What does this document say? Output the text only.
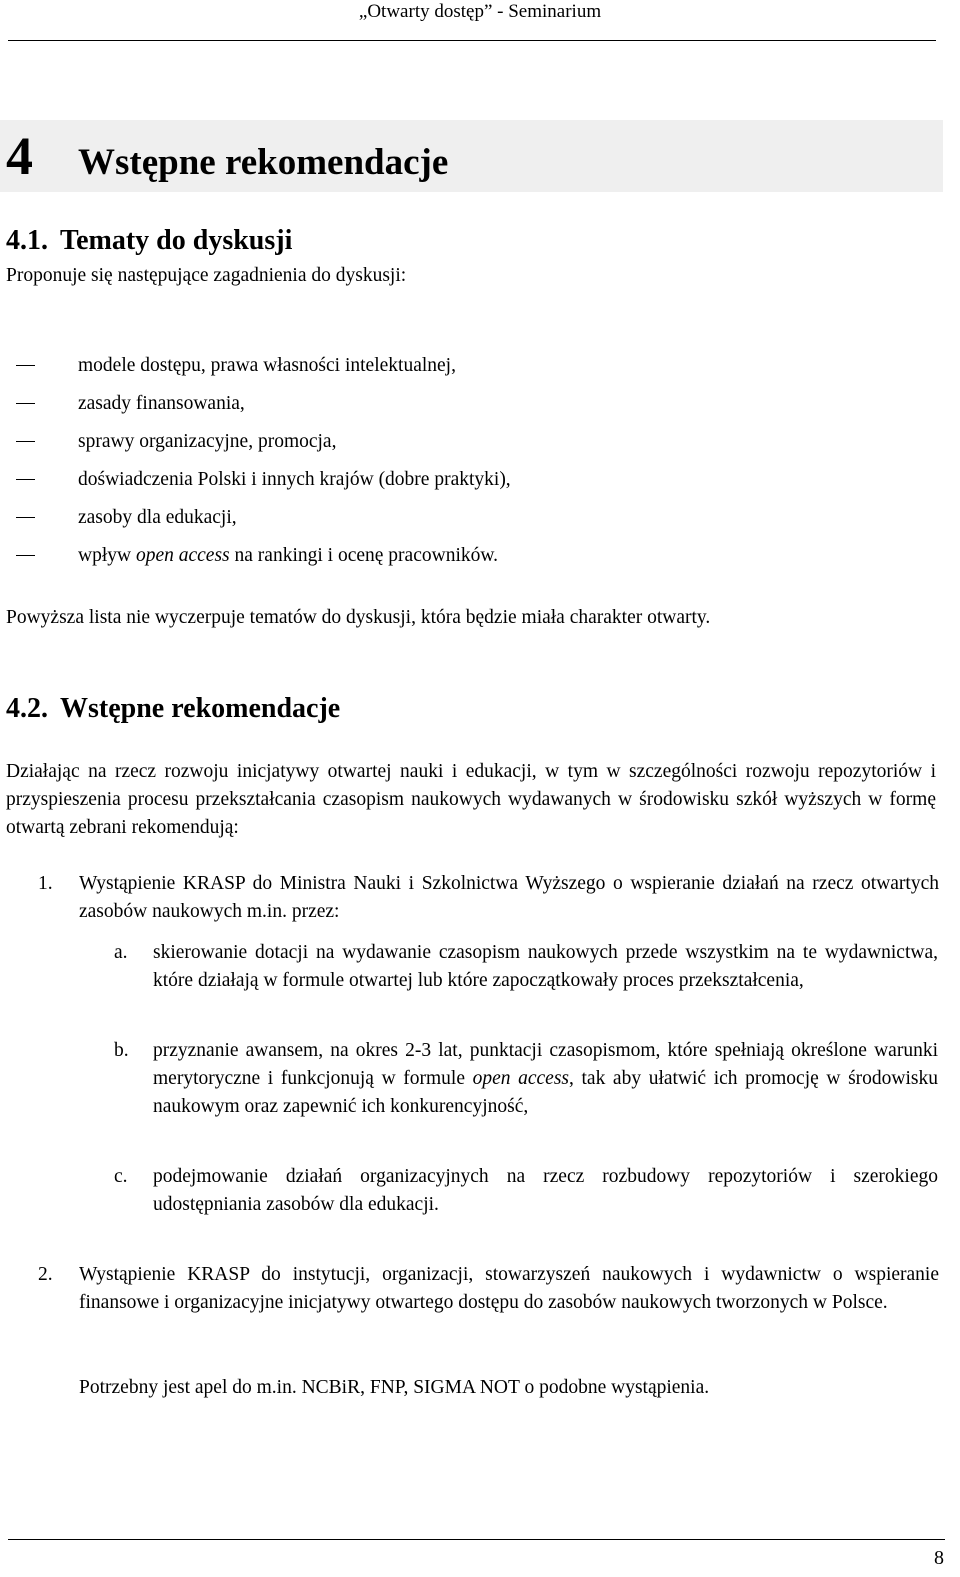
„Otwarty dostęp” - Seminarium
4 Wstępne rekomendacje
4.1. Tematy do dyskusji
Proponuje się następujące zagadnienia do dyskusji:
modele dostępu, prawa własności intelektualnej,
zasady finansowania,
sprawy organizacyjne, promocja,
doświadczenia Polski i innych krajów (dobre praktyki),
zasoby dla edukacji,
wpływ open access na rankingi i ocenę pracowników.
Powyższa lista nie wyczerpuje tematów do dyskusji, która będzie miała charakter otwarty.
4.2. Wstępne rekomendacje
Działając na rzecz rozwoju inicjatywy otwartej nauki i edukacji, w tym w szczególności rozwoju repozytoriów i przyspieszenia procesu przekształcania czasopism naukowych wydawanych w środowisku szkół wyższych w formę otwartą zebrani rekomendują:
1. Wystąpienie KRASP do Ministra Nauki i Szkolnictwa Wyższego o wspieranie działań na rzecz otwartych zasobów naukowych m.in. przez:
a. skierowanie dotacji na wydawanie czasopism naukowych przede wszystkim na te wydawnictwa, które działają w formule otwartej lub które zapoczątkowały proces przekształcenia,
b. przyznanie awansem, na okres 2-3 lat, punktacji czasopismom, które spełniają określone warunki merytoryczne i funkcjonują w formule open access, tak aby ułatwić ich promocję w środowisku naukowym oraz zapewnić ich konkurencyjność,
c. podejmowanie działań organizacyjnych na rzecz rozbudowy repozytoriów i szerokiego udostępniania zasobów dla edukacji.
2. Wystąpienie KRASP do instytucji, organizacji, stowarzyszeń naukowych i wydawnictw o wspieranie finansowe i organizacyjne inicjatywy otwartego dostępu do zasobów naukowych tworzonych w Polsce.
Potrzebny jest apel do m.in. NCBiR, FNP, SIGMA NOT o podobne wystąpienia.
8
